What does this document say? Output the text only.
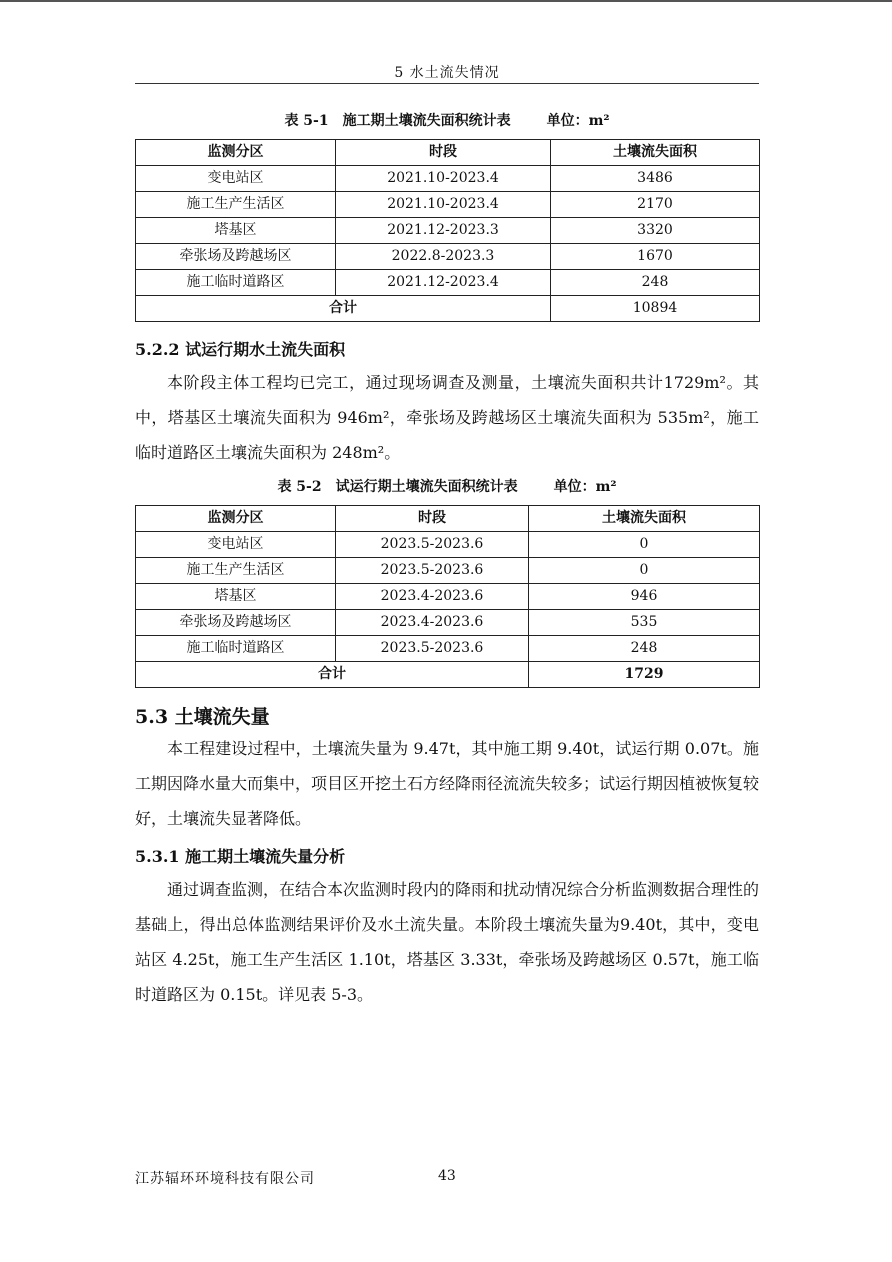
5 水土流失情况
表 5-1 施工期土壤流失面积统计表	单位：m²
监测分区	时段	土壤流失面积
变电站区	2021.10-2023.4	3486
施工生产生活区	2021.10-2023.4	2170
塔基区	2021.12-2023.3	3320
牵张场及跨越场区	2022.8-2023.3	1670
施工临时道路区	2021.12-2023.4	248
合计		10894
5.2.2 试运行期水土流失面积

本阶段主体工程均已完工，通过现场调查及测量，土壤流失面积共计1729m²。其中，塔基区土壤流失面积为 946m²，牵张场及跨越场区土壤流失面积为 535m²，施工临时道路区土壤流失面积为 248m²。

表 5-2 试运行期土壤流失面积统计表	单位：m²
监测分区	时段	土壤流失面积
变电站区	2023.5-2023.6	0
施工生产生活区	2023.5-2023.6	0
塔基区	2023.4-2023.6	946
牵张场及跨越场区	2023.4-2023.6	535
施工临时道路区	2023.5-2023.6	248
合计		1729
5.3 土壤流失量

本工程建设过程中，土壤流失量为 9.47t，其中施工期 9.40t，试运行期 0.07t。施工期因降水量大而集中，项目区开挖土石方经降雨径流流失较多；试运行期因植被恢复较好，土壤流失显著降低。

5.3.1 施工期土壤流失量分析

通过调查监测，在结合本次监测时段内的降雨和扰动情况综合分析监测数据合理性的基础上，得出总体监测结果评价及水土流失量。本阶段土壤流失量为9.40t，其中，变电站区 4.25t，施工生产生活区 1.10t，塔基区 3.33t，牵张场及跨越场区 0.57t，施工临时道路区为 0.15t。详见表 5-3。

江苏辐环环境科技有限公司	43
